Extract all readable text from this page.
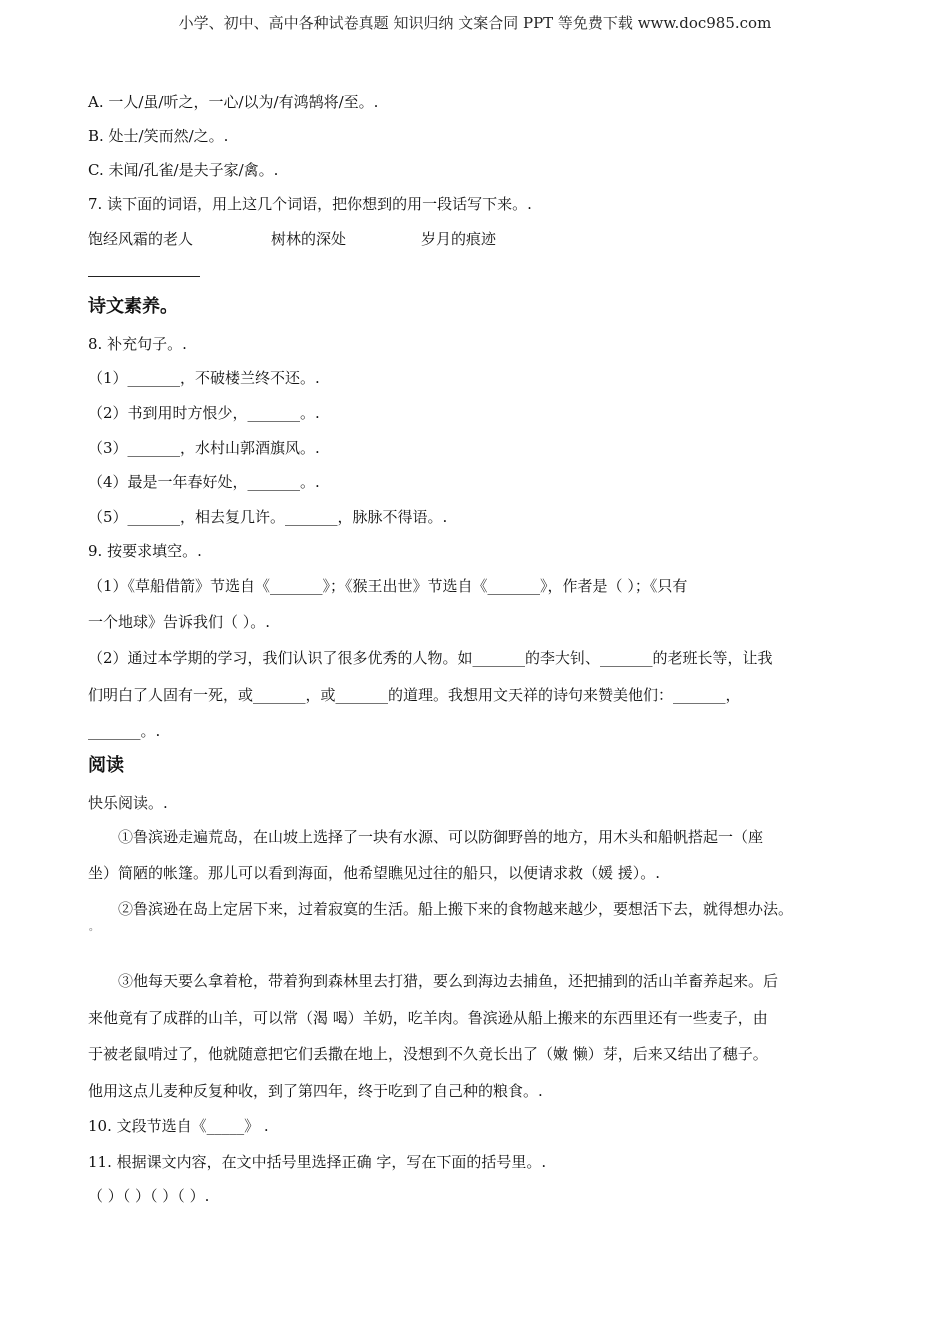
小学、初中、高中各种试卷真题 知识归纳 文案合同 PPT 等免费下载 www.doc985.com
A. 一人/虽/听之，一心/以为/有鸿鹄将/至。.
B. 处士/笑而然/之。.
C. 未闻/孔雀/是夫子家/禽。.
7. 读下面的词语，用上这几个词语，把你想到的用一段话写下来。.
饱经风霜的老人	树林的深处	岁月的痕迹
诗文素养。
8. 补充句子。.
（1）_______，不破楼兰终不还。.
（2）书到用时方恨少，_______。.
（3）_______，水村山郭酒旗风。.
（4）最是一年春好处，_______。.
（5）_______，相去复几许。_______，脉脉不得语。.
9. 按要求填空。.
（1）《草船借箭》节选自《_______》；《猴王出世》节选自《_______》，作者是（ ）；《只有
一个地球》告诉我们（ ）。.
（2）通过本学期的学习，我们认识了很多优秀的人物。如_______的李大钊、_______的老班长等，让我
们明白了人固有一死，或_______，或_______的道理。我想用文天祥的诗句来赞美他们：_______，
_______。.
阅读
快乐阅读。.
①鲁滨逊走遍荒岛，在山坡上选择了一块有水源、可以防御野兽的地方，用木头和船帆搭起一（座
坐）简陋的帐篷。那儿可以看到海面，他希望瞧见过往的船只，以便请求救（媛 援）。.
②鲁滨逊在岛上定居下来，过着寂寞的生活。船上搬下来的食物越来越少，要想活下去，就得想办法。
˚
③他每天要么拿着枪，带着狗到森林里去打猎，要么到海边去捕鱼，还把捕到的活山羊畜养起来。后
来他竟有了成群的山羊，可以常（渴 喝）羊奶，吃羊肉。鲁滨逊从船上搬来的东西里还有一些麦子，由
于被老鼠啃过了，他就随意把它们丢撒在地上，没想到不久竟长出了（嫩 懒）芽，后来又结出了穗子。
他用这点儿麦种反复种收，到了第四年，终于吃到了自己种的粮食。.
10. 文段节选自《_____》 .
11. 根据课文内容，在文中括号里选择正确 字，写在下面的括号里。.
（ ）（ ）（ ）（ ）.
